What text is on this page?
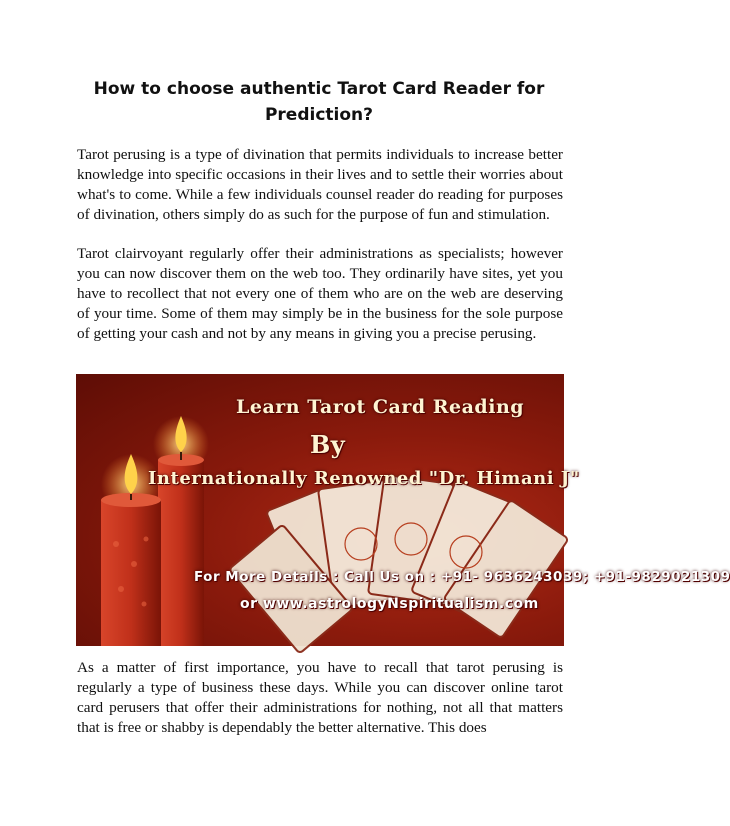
How to choose authentic Tarot Card Reader for
Prediction?

Tarot perusing is a type of divination that permits individuals to increase better knowledge into specific occasions in their lives and to settle their worries about what's to come. While a few individuals counsel reader do reading for purposes of divination, others simply do as such for the purpose of fun and stimulation.

Tarot clairvoyant regularly offer their administrations as specialists; however you can now discover them on the web too. They ordinarily have sites, yet you have to recollect that not every one of them who are on the web are deserving of your time. Some of them may simply be in the business for the sole purpose of getting your cash and not by any means in giving you a precise perusing.

Learn Tarot Card Reading
By
Internationally Renowned "Dr. Himani J"
For More Details : Call Us on : +91- 9636243039; +91-9829021309
or www.astrologyNspiritualism.com

As a matter of first importance, you have to recall that tarot perusing is regularly a type of business these days. While you can discover online tarot card perusers that offer their administrations for nothing, not all that matters that is free or shabby is dependably the better alternative. This does
